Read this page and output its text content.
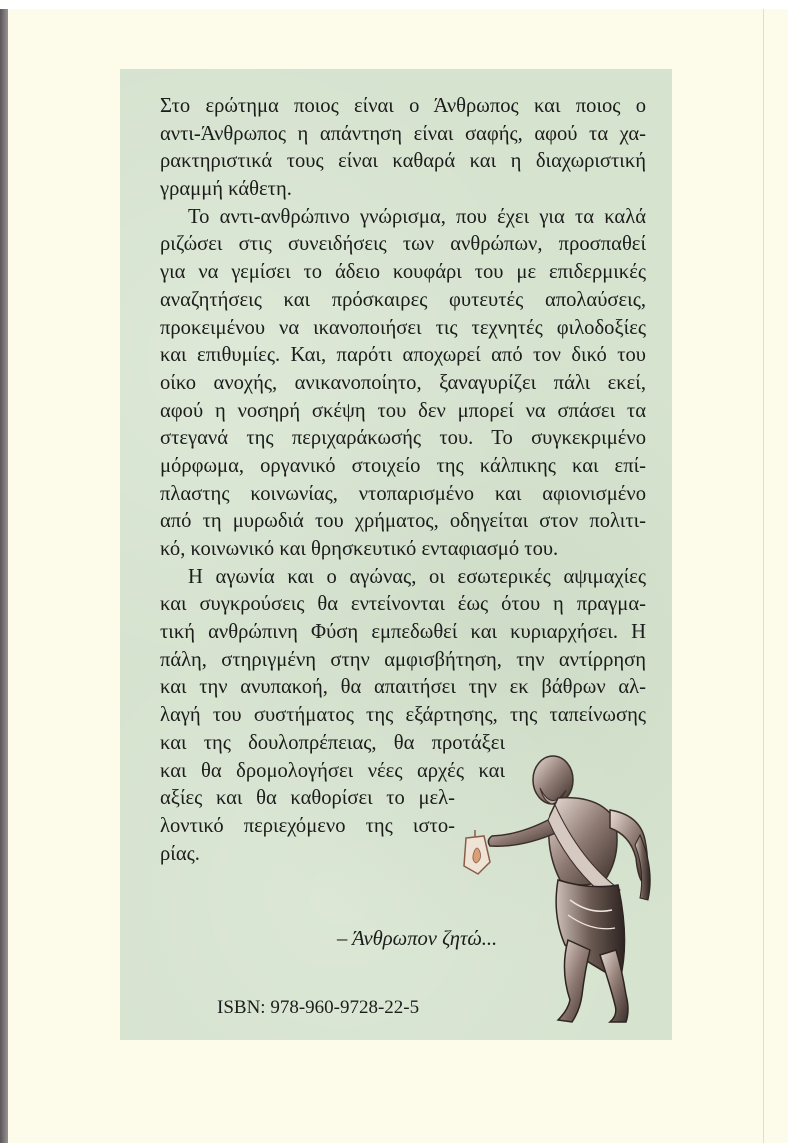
Στο ερώτημα ποιος είναι ο Άνθρωπος και ποιος ο
αντι-Άνθρωπος η απάντηση είναι σαφής, αφού τα χα-
ρακτηριστικά τους είναι καθαρά και η διαχωριστική
γραμμή κάθετη.
Το αντι-ανθρώπινο γνώρισμα, που έχει για τα καλά
ριζώσει στις συνειδήσεις των ανθρώπων, προσπαθεί
για να γεμίσει το άδειο κουφάρι του με επιδερμικές
αναζητήσεις και πρόσκαιρες φυτευτές απολαύσεις,
προκειμένου να ικανοποιήσει τις τεχνητές φιλοδοξίες
και επιθυμίες. Και, παρότι αποχωρεί από τον δικό του
οίκο ανοχής, ανικανοποίητο, ξαναγυρίζει πάλι εκεί,
αφού η νοσηρή σκέψη του δεν μπορεί να σπάσει τα
στεγανά της περιχαράκωσής του. Το συγκεκριμένο
μόρφωμα, οργανικό στοιχείο της κάλπικης και επί-
πλαστης κοινωνίας, ντοπαρισμένο και αφιονισμένο
από τη μυρωδιά του χρήματος, οδηγείται στον πολιτι-
κό, κοινωνικό και θρησκευτικό ενταφιασμό του.
Η αγωνία και ο αγώνας, οι εσωτερικές αψιμαχίες
και συγκρούσεις θα εντείνονται έως ότου η πραγμα-
τική ανθρώπινη Φύση εμπεδωθεί και κυριαρχήσει. Η
πάλη, στηριγμένη στην αμφισβήτηση, την αντίρρηση
και την ανυπακοή, θα απαιτήσει την εκ βάθρων αλ-
λαγή του συστήματος της εξάρτησης, της ταπείνωσης
και της δουλοπρέπειας, θα προτάξει
και θα δρομολογήσει νέες αρχές και
αξίες και θα καθορίσει το μελ-
λοντικό περιεχόμενο της ιστο-
ρίας.
– Άνθρωπον ζητώ...
ISBN: 978-960-9728-22-5
